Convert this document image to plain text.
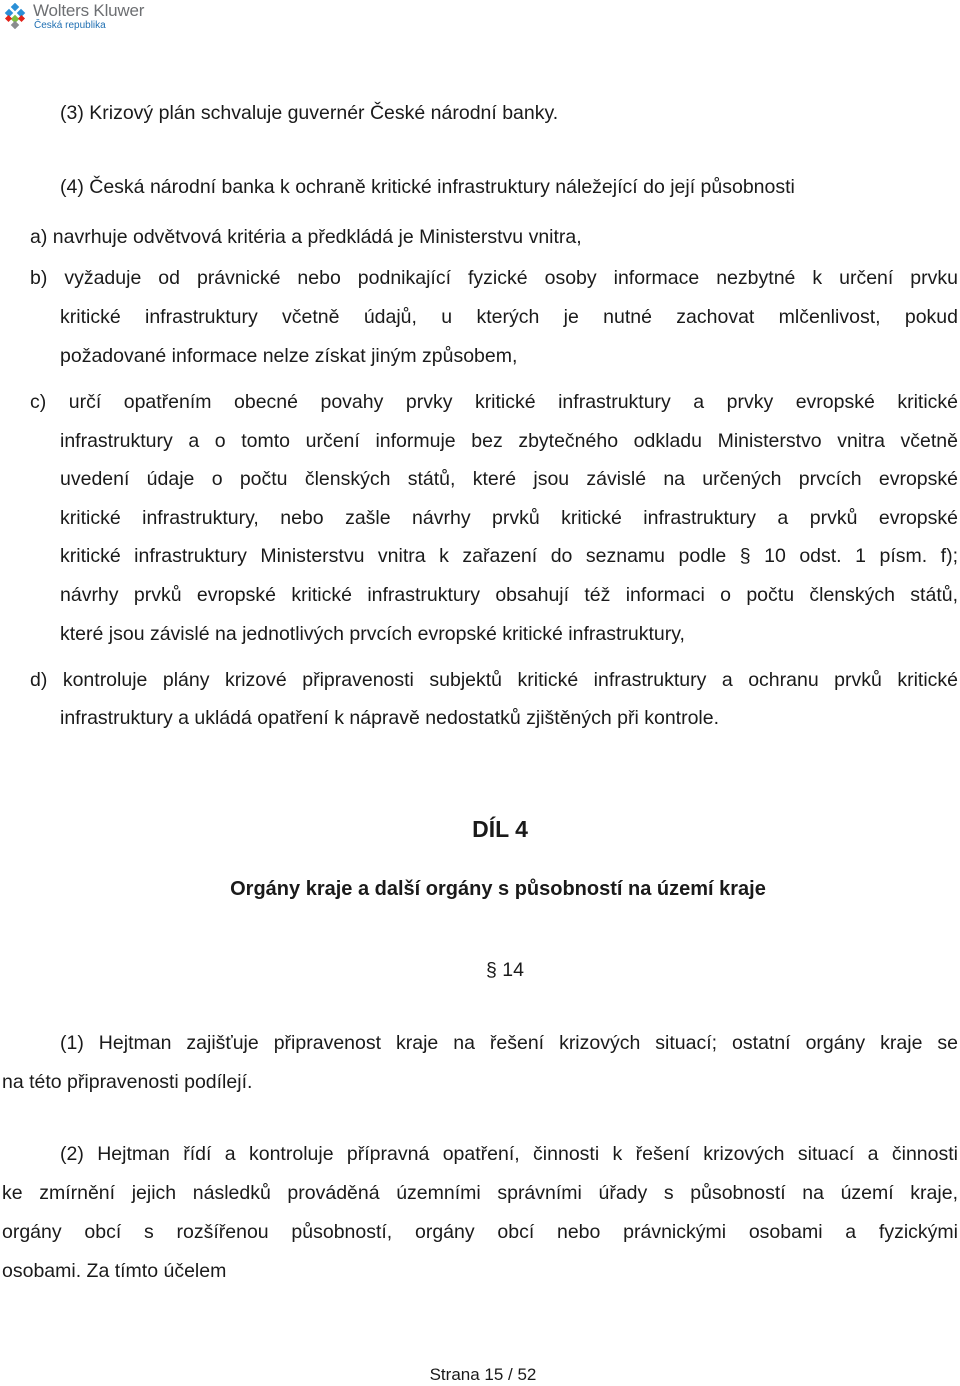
Wolters Kluwer
Česká republika
(3) Krizový plán schvaluje guvernér České národní banky.
(4) Česká národní banka k ochraně kritické infrastruktury náležející do její působnosti
a) navrhuje odvětvová kritéria a předkládá je Ministerstvu vnitra,
b) vyžaduje od právnické nebo podnikající fyzické osoby informace nezbytné k určení prvku
kritické infrastruktury včetně údajů, u kterých je nutné zachovat mlčenlivost, pokud
požadované informace nelze získat jiným způsobem,
c) určí opatřením obecné povahy prvky kritické infrastruktury a prvky evropské kritické
infrastruktury a o tomto určení informuje bez zbytečného odkladu Ministerstvo vnitra včetně
uvedení údaje o počtu členských států, které jsou závislé na určených prvcích evropské
kritické infrastruktury, nebo zašle návrhy prvků kritické infrastruktury a prvků evropské
kritické infrastruktury Ministerstvu vnitra k zařazení do seznamu podle § 10 odst. 1 písm. f);
návrhy prvků evropské kritické infrastruktury obsahují též informaci o počtu členských států,
které jsou závislé na jednotlivých prvcích evropské kritické infrastruktury,
d) kontroluje plány krizové připravenosti subjektů kritické infrastruktury a ochranu prvků kritické
infrastruktury a ukládá opatření k nápravě nedostatků zjištěných při kontrole.
DÍL 4
Orgány kraje a další orgány s působností na území kraje
§ 14
(1) Hejtman zajišťuje připravenost kraje na řešení krizových situací; ostatní orgány kraje se
na této připravenosti podílejí.
(2) Hejtman řídí a kontroluje přípravná opatření, činnosti k řešení krizových situací a činnosti
ke zmírnění jejich následků prováděná územními správními úřady s působností na území kraje,
orgány obcí s rozšířenou působností, orgány obcí nebo právnickými osobami a fyzickými
osobami. Za tímto účelem
Strana 15 / 52
